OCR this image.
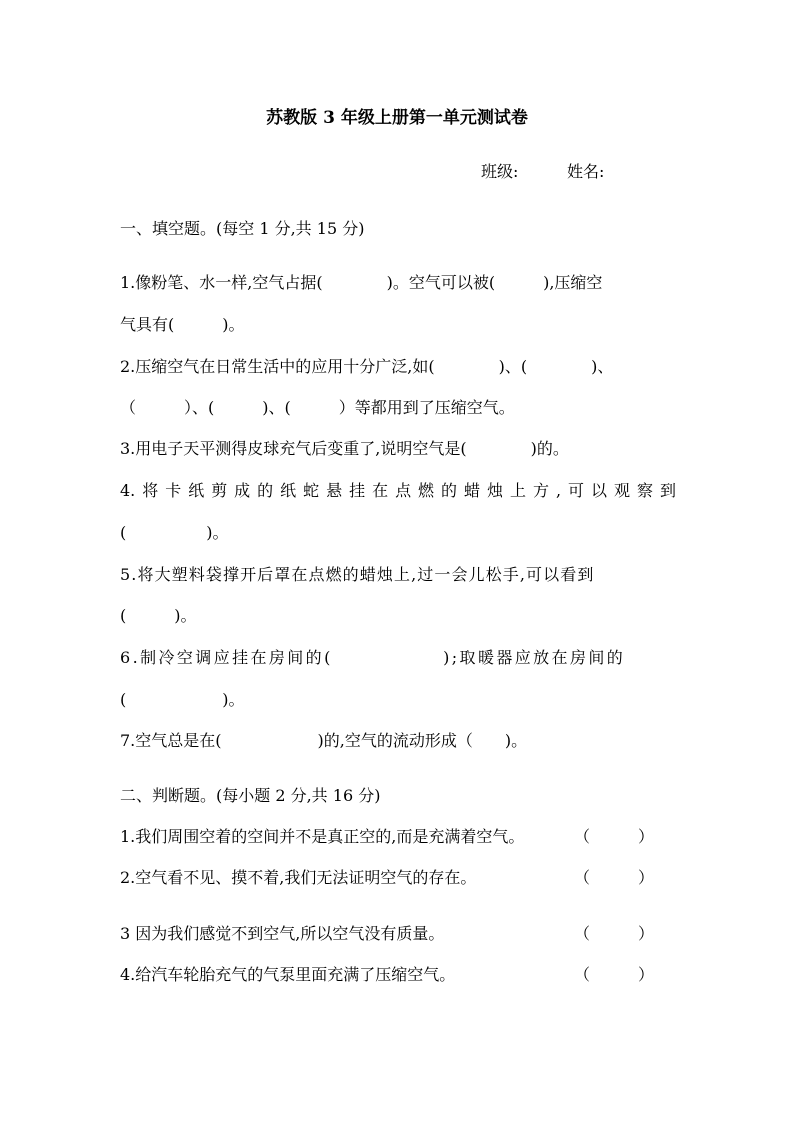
苏教版 3 年级上册第一单元测试卷
班级:	姓名:
一、填空题。(每空 1 分,共 15 分)
1.像粉笔、水一样,空气占据(　　　　)。空气可以被(　　　),压缩空
气具有(　　　)。
2.压缩空气在日常生活中的应用十分广泛,如(　　　　)、(　　　　)、
（　　　）、(　　　)、(　　　）等都用到了压缩空气。
3.用电子天平测得皮球充气后变重了,说明空气是(　　　　)的。
4. 将 卡 纸 剪 成 的 纸 蛇 悬 挂 在 点 燃 的 蜡 烛 上 方 , 可 以 观 察 到
(　　　　　)。
5.将大塑料袋撑开后罩在点燃的蜡烛上,过一会儿松手,可以看到
(　　　)。
6.制冷空调应挂在房间的(　　　　　　);取暖器应放在房间的
(　　　　　　)。
7.空气总是在(　　　　　　)的,空气的流动形成（　　)。
二、判断题。(每小题 2 分,共 16 分)
1.我们周围空着的空间并不是真正空的,而是充满着空气。	（　　　）
2.空气看不见、摸不着,我们无法证明空气的存在。	（　　　）
3 因为我们感觉不到空气,所以空气没有质量。	（　　　）
4.给汽车轮胎充气的气泵里面充满了压缩空气。	（　　　）
